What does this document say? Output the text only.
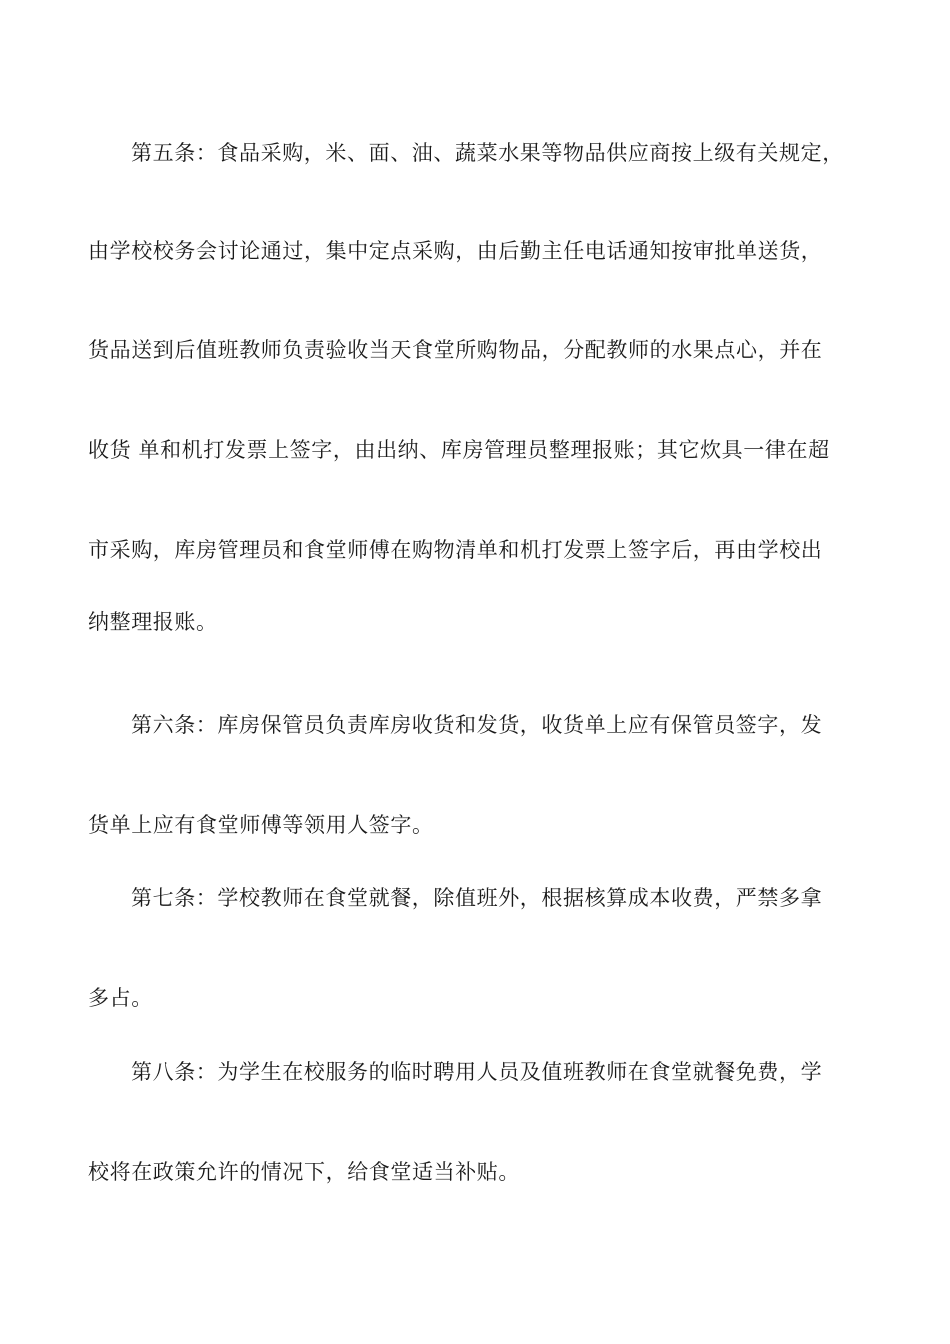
第五条：食品采购，米、面、油、蔬菜水果等物品供应商按上级有关规定，
由学校校务会讨论通过，集中定点采购，由后勤主任电话通知按审批单送货，
货品送到后值班教师负责验收当天食堂所购物品，分配教师的水果点心，并在
收货 单和机打发票上签字，由出纳、库房管理员整理报账；其它炊具一律在超
市采购，库房管理员和食堂师傅在购物清单和机打发票上签字后，再由学校出
纳整理报账。
第六条：库房保管员负责库房收货和发货，收货单上应有保管员签字，发
货单上应有食堂师傅等领用人签字。
第七条：学校教师在食堂就餐，除值班外，根据核算成本收费，严禁多拿
多占。
第八条：为学生在校服务的临时聘用人员及值班教师在食堂就餐免费，学
校将在政策允许的情况下，给食堂适当补贴。
